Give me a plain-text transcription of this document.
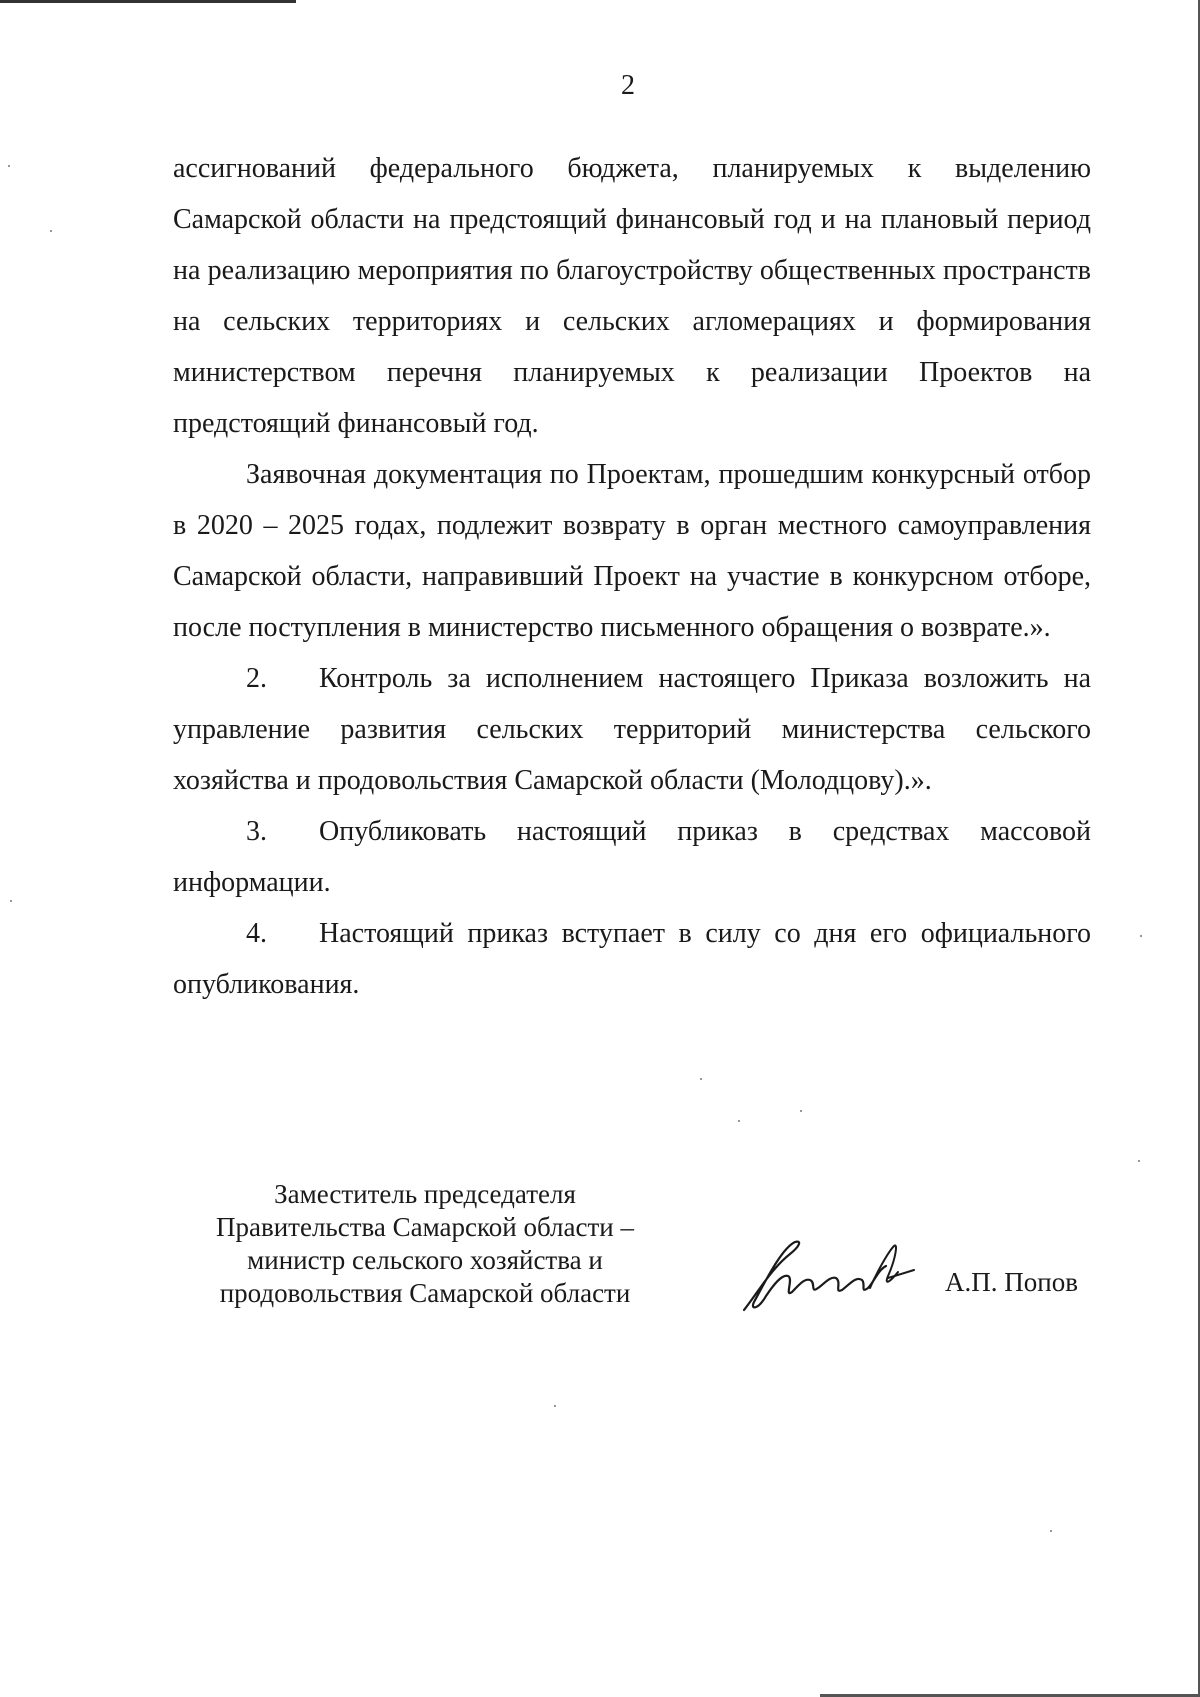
2

ассигнований федерального бюджета, планируемых к выделению Самарской области на предстоящий финансовый год и на плановый период на реализацию мероприятия по благоустройству общественных пространств на сельских территориях и сельских агломерациях и формирования министерством перечня планируемых к реализации Проектов на предстоящий финансовый год.

Заявочная документация по Проектам, прошедшим конкурсный отбор в 2020 – 2025 годах, подлежит возврату в орган местного самоуправления Самарской области, направивший Проект на участие в конкурсном отборе, после поступления в министерство письменного обращения о возврате.».

2. Контроль за исполнением настоящего Приказа возложить на управление развития сельских территорий министерства сельского хозяйства и продовольствия Самарской области (Молодцову).».

3. Опубликовать настоящий приказ в средствах массовой информации.

4. Настоящий приказ вступает в силу со дня его официального опубликования.

Заместитель председателя
Правительства Самарской области –
министр сельского хозяйства и
продовольствия Самарской области	А.П. Попов
